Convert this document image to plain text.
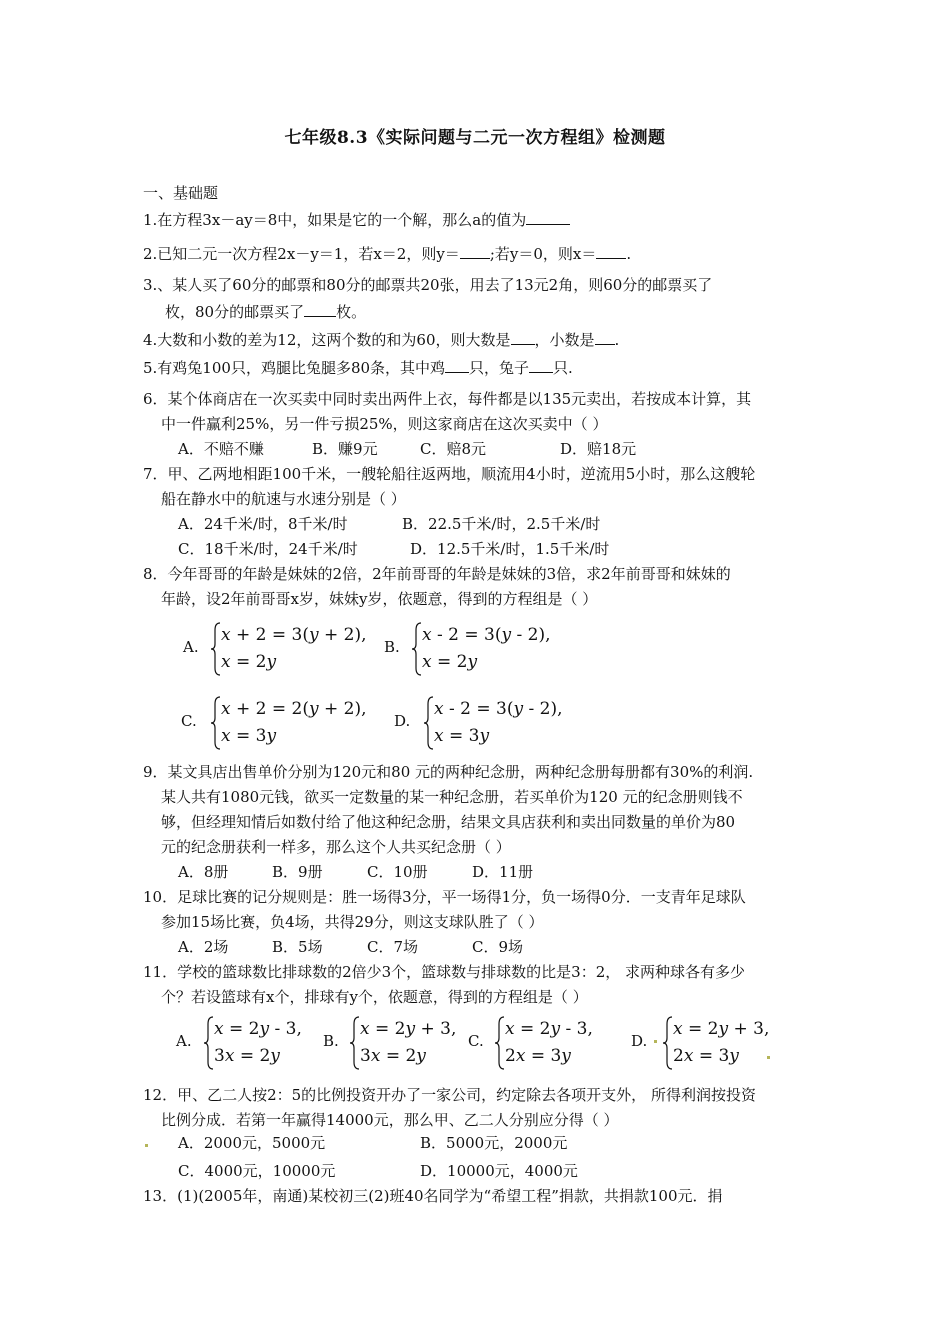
七年级8.3《实际问题与二元一次方程组》检测题
一、基础题
1.在方程3x－ay＝8中，如果是它的一个解，那么a的值为
2.已知二元一次方程2x－y＝1，若x＝2，则y＝ ;若y＝0，则x＝ .
3.、某人买了60分的邮票和80分的邮票共20张，用去了13元2角，则60分的邮票买了
枚，80分的邮票买了 枚。
4.大数和小数的差为12，这两个数的和为60，则大数是 ，小数是 .
5.有鸡兔100只，鸡腿比兔腿多80条，其中鸡 只，兔子 只.
6．某个体商店在一次买卖中同时卖出两件上衣，每件都是以135元卖出，若按成本计算，其
中一件赢利25%，另一件亏损25%，则这家商店在这次买卖中（ ）
A．不赔不赚	B．赚9元	C．赔8元	D．赔18元
7．甲、乙两地相距100千米，一艘轮船往返两地，顺流用4小时，逆流用5小时，那么这艘轮
船在静水中的航速与水速分别是（ ）
A．24千米/时，8千米/时	B．22.5千米/时，2.5千米/时
C．18千米/时，24千米/时	D．12.5千米/时，1.5千米/时
8．今年哥哥的年龄是妹妹的2倍，2年前哥哥的年龄是妹妹的3倍，求2年前哥哥和妹妹的
年龄，设2年前哥哥x岁，妹妹y岁，依题意，得到的方程组是（ ）
A.
x + 2 = 3(y + 2),
x = 2y
B.
x - 2 = 3(y - 2),
x = 2y
C.
x + 2 = 2(y + 2),
x = 3y
D.
x - 2 = 3(y - 2),
x = 3y
9．某文具店出售单价分别为120元和80 元的两种纪念册，两种纪念册每册都有30%的利润.
某人共有1080元钱，欲买一定数量的某一种纪念册，若买单价为120 元的纪念册则钱不
够，但经理知情后如数付给了他这种纪念册，结果文具店获利和卖出同数量的单价为80
元的纪念册获利一样多，那么这个人共买纪念册（ ）
A．8册	B．9册	C．10册	D．11册
10．足球比赛的记分规则是：胜一场得3分，平一场得1分，负一场得0分．一支青年足球队
参加15场比赛，负4场，共得29分，则这支球队胜了（ ）
A．2场	B．5场	C．7场	C．9场
11．学校的篮球数比排球数的2倍少3个，篮球数与排球数的比是3：2， 求两种球各有多少
个？若设篮球有x个，排球有y个，依题意，得到的方程组是（ ）
A.
x = 2y - 3,
3x = 2y
B.
x = 2y + 3,
3x = 2y
C.
x = 2y - 3,
2x = 3y
D.
x = 2y + 3,
2x = 3y
12．甲、乙二人按2：5的比例投资开办了一家公司，约定除去各项开支外， 所得利润按投资
比例分成．若第一年赢得14000元，那么甲、乙二人分别应分得（ ）
A．2000元，5000元	B．5000元，2000元
C．4000元，10000元	D．10000元，4000元
13．(1)(2005年，南通)某校初三(2)班40名同学为“希望工程”捐款，共捐款100元．捐
